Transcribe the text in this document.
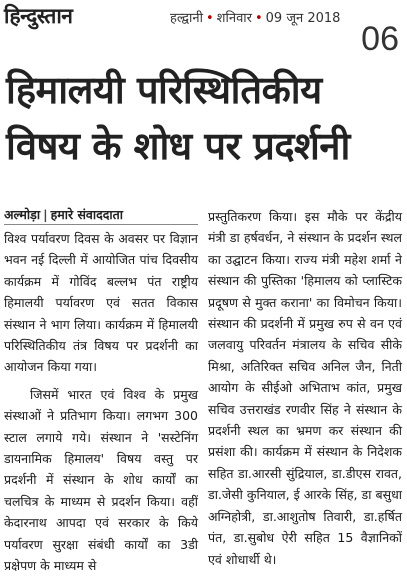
हिन्दुस्तान	हल्द्वानी • शनिवार • 09 जून 2018
06
हिमालयी परिस्थितिकीय
विषय के शोध पर प्रदर्शनी
अल्मोड़ा | हमारे संवाददाता

विश्व पर्यावरण दिवस के अवसर पर विज्ञान भवन नई दिल्ली में आयोजित पांच दिवसीय कार्यक्रम में गोविंद बल्लभ पंत राष्ट्रीय हिमालयी पर्यावरण एवं सतत विकास संस्थान ने भाग लिया। कार्यक्रम में हिमालयी परिस्थितिकीय तंत्र विषय पर प्रदर्शनी का आयोजन किया गया।

जिसमें भारत एवं विश्व के प्रमुख संस्थाओं ने प्रतिभाग किया। लगभग 300 स्टाल लगाये गये। संस्थान ने 'सस्टेनिंग डायनामिक हिमालय' विषय वस्तु पर प्रदर्शनी में संस्थान के शोध कार्यों का चलचित्र के माध्यम से प्रदर्शन किया। वहीं केदारनाथ आपदा एवं सरकार के किये पर्यावरण सुरक्षा संबंधी कार्यों का 3डी प्रक्षेपण के माध्यम से

प्रस्तुतिकरण किया। इस मौके पर केंद्रीय मंत्री डा हर्षवर्धन, ने संस्थान के प्रदर्शन स्थल का उद्घाटन किया। राज्य मंत्री महेश शर्मा ने संस्थान की पुस्तिका 'हिमालय को प्लास्टिक प्रदूषण से मुक्त कराना' का विमोचन किया। संस्थान की प्रदर्शनी में प्रमुख रुप से वन एवं जलवायु परिवर्तन मंत्रालय के सचिव सीके मिश्रा, अतिरिक्त सचिव अनिल जैन, निती आयोग के सीईओ अभिताभ कांत, प्रमुख सचिव उत्तराखंड रणवीर सिंह ने संस्थान के प्रदर्शनी स्थल का भ्रमण कर संस्थान की प्रसंशा की। कार्यक्रम में संस्थान के निदेशक सहित डा.आरसी सुंद्रियाल, डा.डीएस रावत, डा.जेसी कुनियाल, ई आरके सिंह, डा बसुधा अग्निहोत्री, डा.आशुतोष तिवारी, डा.हर्षित पंत, डा.सुबोध ऐरी सहित 15 वैज्ञानिकों एवं शोधार्थी थे।
